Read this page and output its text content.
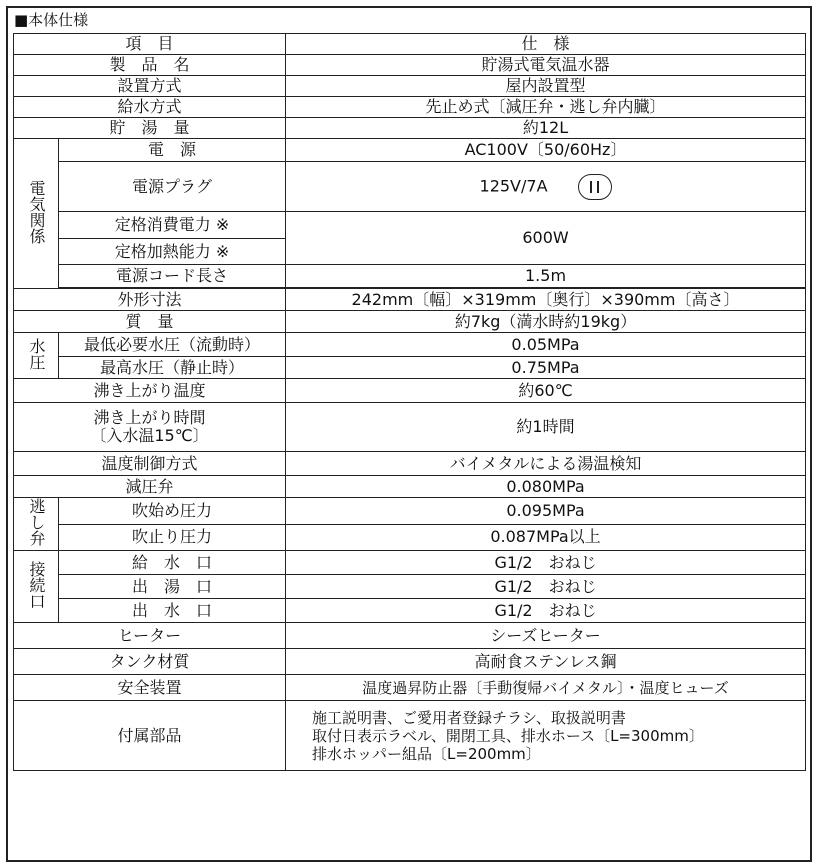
■本体仕様
項　目		仕　様
製　品　名		貯湯式電気温水器
設置方式		屋内設置型
給水方式		先止め式〔減圧弁・逃し弁内臓〕
貯　湯　量		約12L
電気関係	電　源	AC100V〔50/60Hz〕
	電源プラグ	125V/7A

	定格消費電力 ※	600W
	定格加熱能力 ※	
	電源コード長さ	1.5m

外形寸法		242mm〔幅〕×319mm〔奥行〕×390mm〔高さ〕
質　量		約7kg（満水時約19kg）
水圧	最低必要水圧（流動時）	0.05MPa
	最高水圧（静止時）	0.75MPa
沸き上がり温度		約60℃

沸き上がり時間
〔入水温15℃〕		約1時間
温度制御方式		バイメタルによる湯温検知
減圧弁		0.080MPa
逃し弁	吹始め圧力	0.095MPa
	吹止り圧力	0.087MPa以上
接続口	給　水　口	G1/2　おねじ
	出　湯　口	G1/2　おねじ
	出　水　口	G1/2　おねじ
ヒーター		シーズヒーター
タンク材質		高耐食ステンレス鋼
安全装置		温度過昇防止器〔手動復帰バイメタル〕・温度ヒューズ
付属部品		施工説明書、ご愛用者登録チラシ、取扱説明書
取付日表示ラベル、開閉工具、排水ホース〔L=300mm〕
排水ホッパー組品〔L=200mm〕
